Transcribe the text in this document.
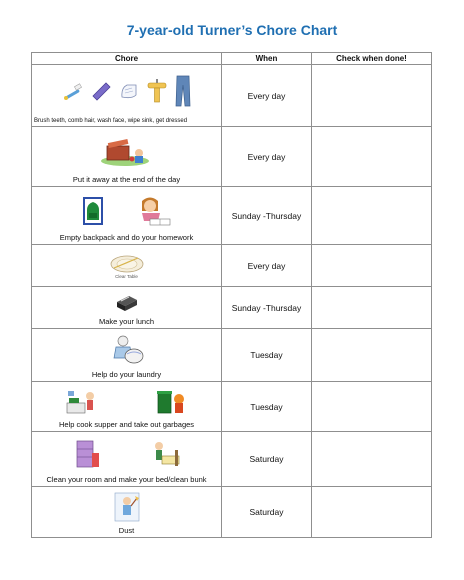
7-year-old Turner’s Chore Chart
Chore	When	Check when done!

Brush teeth, comb hair, wash face, wipe sink, get dressed	Every day	

Put it away at the end of the day	Every day	

Empty backpack and do your homework	Sunday -Thursday	

Clear Table	Every day	

Make your lunch	Sunday -Thursday	

Help do your laundry	Tuesday	

Help cook supper and take out garbages	Tuesday	

Clean your room and make your bed/clean bunk	Saturday	

Dust	Saturday	
